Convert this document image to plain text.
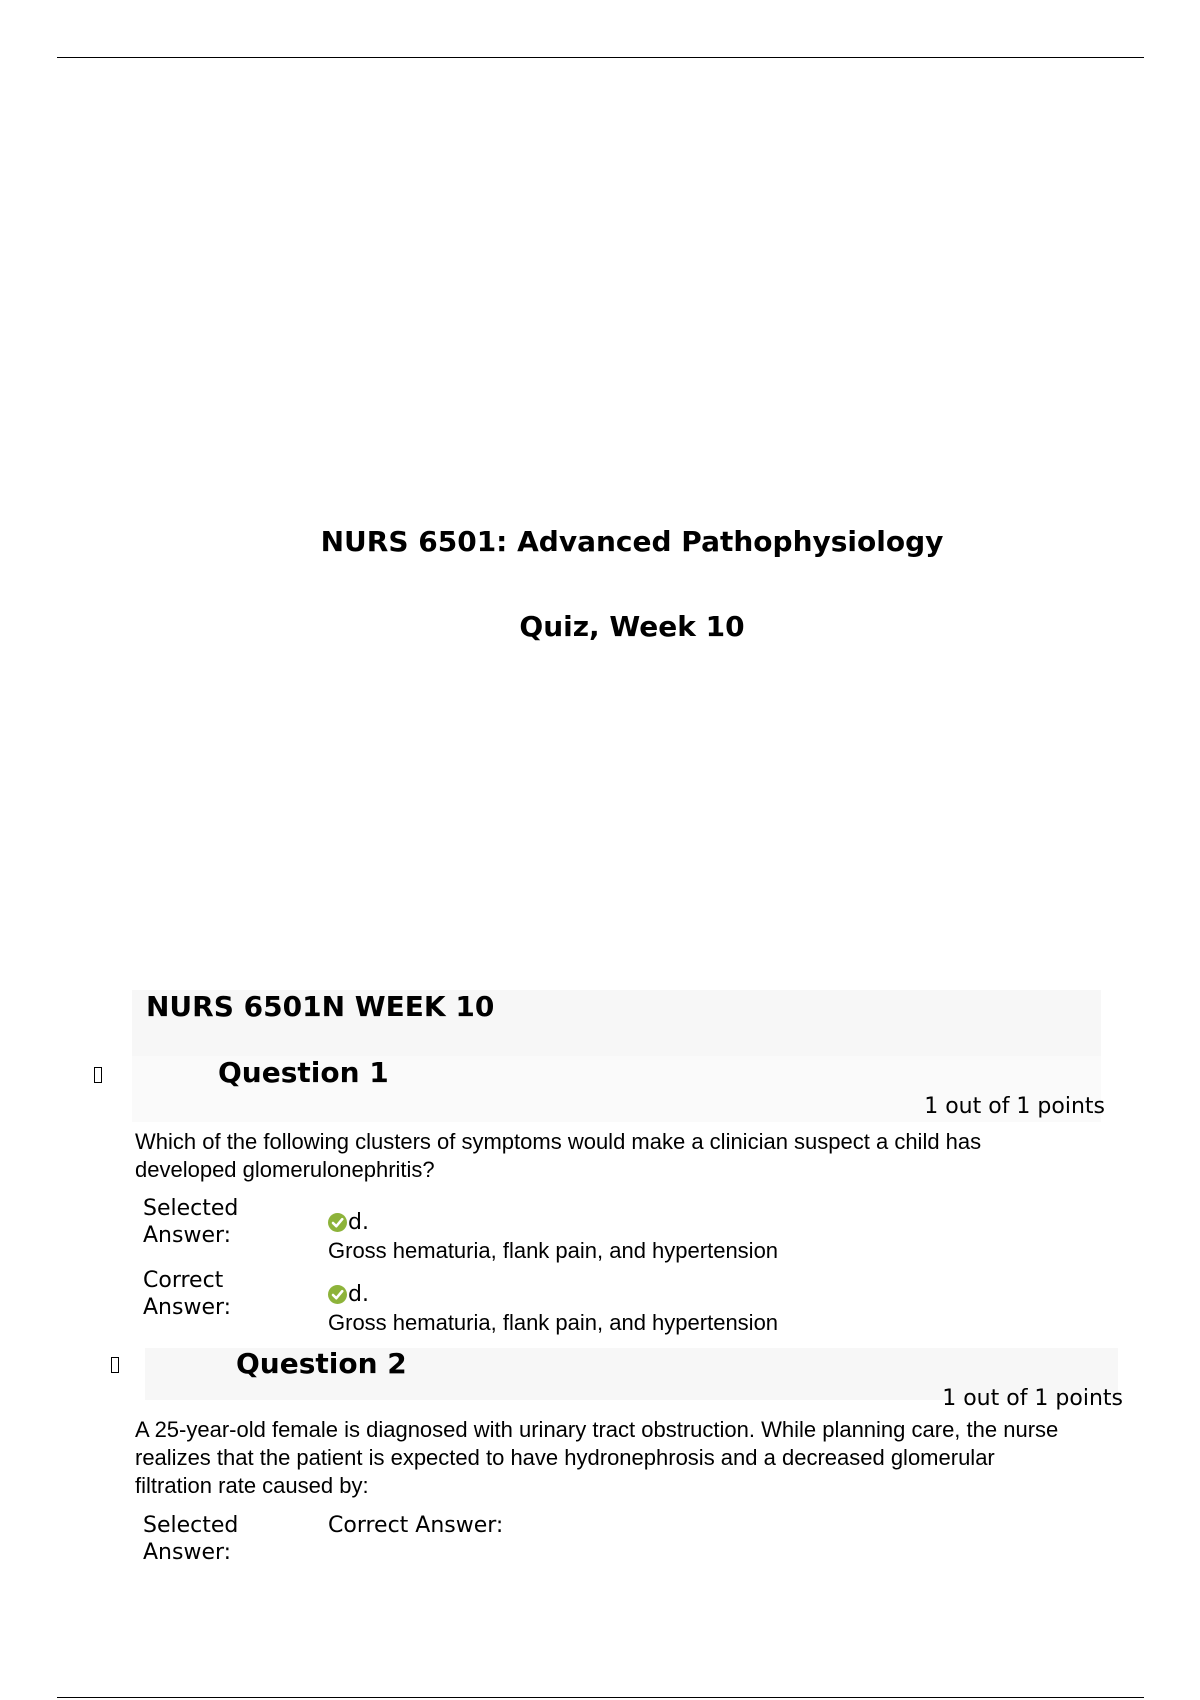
NURS 6501: Advanced Pathophysiology
Quiz, Week 10
NURS 6501N WEEK 10
Question 1
1 out of 1 points
Which of the following clusters of symptoms would make a clinician suspect a child has developed glomerulonephritis?
Selected Answer:
d.
Gross hematuria, flank pain, and hypertension
Correct Answer:
d.
Gross hematuria, flank pain, and hypertension
Question 2
1 out of 1 points
A 25-year-old female is diagnosed with urinary tract obstruction. While planning care, the nurse realizes that the patient is expected to have hydronephrosis and a decreased glomerular filtration rate caused by:
Selected Answer:
Correct Answer:
